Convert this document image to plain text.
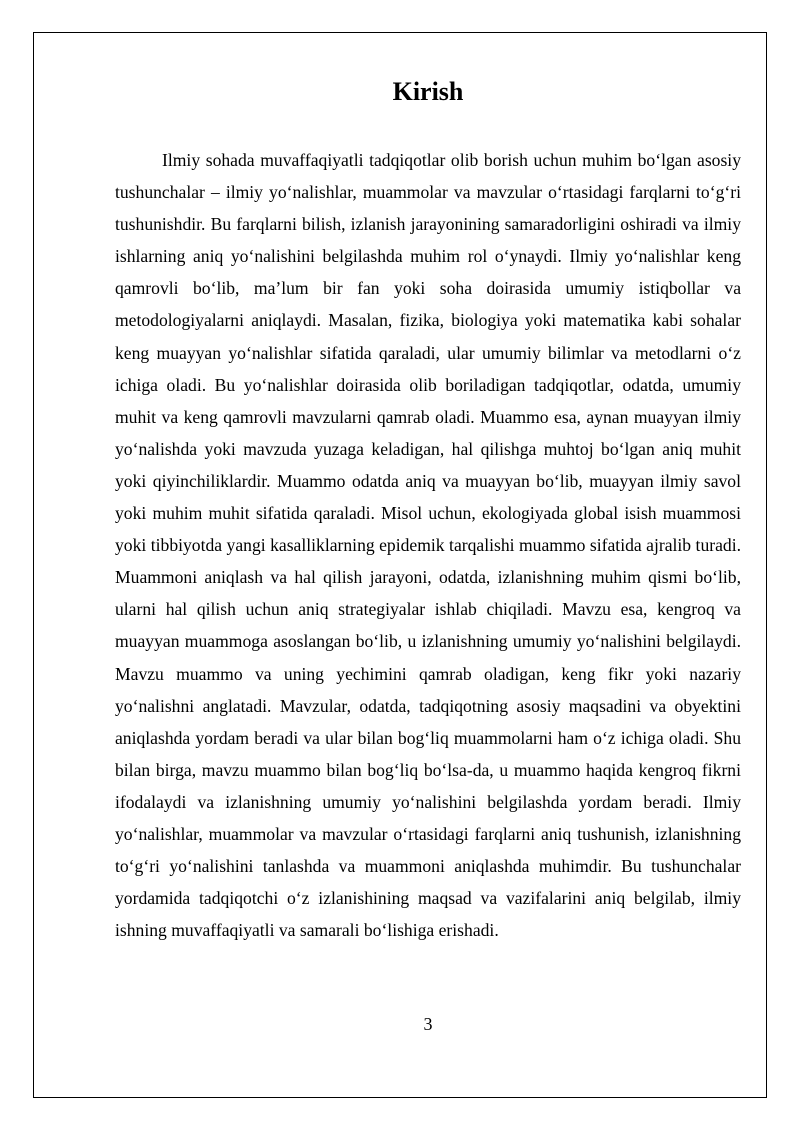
Kirish

Ilmiy sohada muvaffaqiyatli tadqiqotlar olib borish uchun muhim bo‘lgan asosiy tushunchalar – ilmiy yo‘nalishlar, muammolar va mavzular o‘rtasidagi farqlarni to‘g‘ri tushunishdir. Bu farqlarni bilish, izlanish jarayonining samaradorligini oshiradi va ilmiy ishlarning aniq yo‘nalishini belgilashda muhim rol o‘ynaydi. Ilmiy yo‘nalishlar keng qamrovli bo‘lib, ma’lum bir fan yoki soha doirasida umumiy istiqbollar va metodologiyalarni aniqlaydi. Masalan, fizika, biologiya yoki matematika kabi sohalar keng muayyan yo‘nalishlar sifatida qaraladi, ular umumiy bilimlar va metodlarni o‘z ichiga oladi. Bu yo‘nalishlar doirasida olib boriladigan tadqiqotlar, odatda, umumiy muhit va keng qamrovli mavzularni qamrab oladi. Muammo esa, aynan muayyan ilmiy yo‘nalishda yoki mavzuda yuzaga keladigan, hal qilishga muhtoj bo‘lgan aniq muhit yoki qiyinchiliklardir. Muammo odatda aniq va muayyan bo‘lib, muayyan ilmiy savol yoki muhim muhit sifatida qaraladi. Misol uchun, ekologiyada global isish muammosi yoki tibbiyotda yangi kasalliklarning epidemik tarqalishi muammo sifatida ajralib turadi. Muammoni aniqlash va hal qilish jarayoni, odatda, izlanishning muhim qismi bo‘lib, ularni hal qilish uchun aniq strategiyalar ishlab chiqiladi. Mavzu esa, kengroq va muayyan muammoga asoslangan bo‘lib, u izlanishning umumiy yo‘nalishini belgilaydi. Mavzu muammo va uning yechimini qamrab oladigan, keng fikr yoki nazariy yo‘nalishni anglatadi. Mavzular, odatda, tadqiqotning asosiy maqsadini va obyektini aniqlashda yordam beradi va ular bilan bog‘liq muammolarni ham o‘z ichiga oladi. Shu bilan birga, mavzu muammo bilan bog‘liq bo‘lsa-da, u muammo haqida kengroq fikrni ifodalaydi va izlanishning umumiy yo‘nalishini belgilashda yordam beradi. Ilmiy yo‘nalishlar, muammolar va mavzular o‘rtasidagi farqlarni aniq tushunish, izlanishning to‘g‘ri yo‘nalishini tanlashda va muammoni aniqlashda muhimdir. Bu tushunchalar yordamida tadqiqotchi o‘z izlanishining maqsad va vazifalarini aniq belgilab, ilmiy ishning muvaffaqiyatli va samarali bo‘lishiga erishadi.

3
